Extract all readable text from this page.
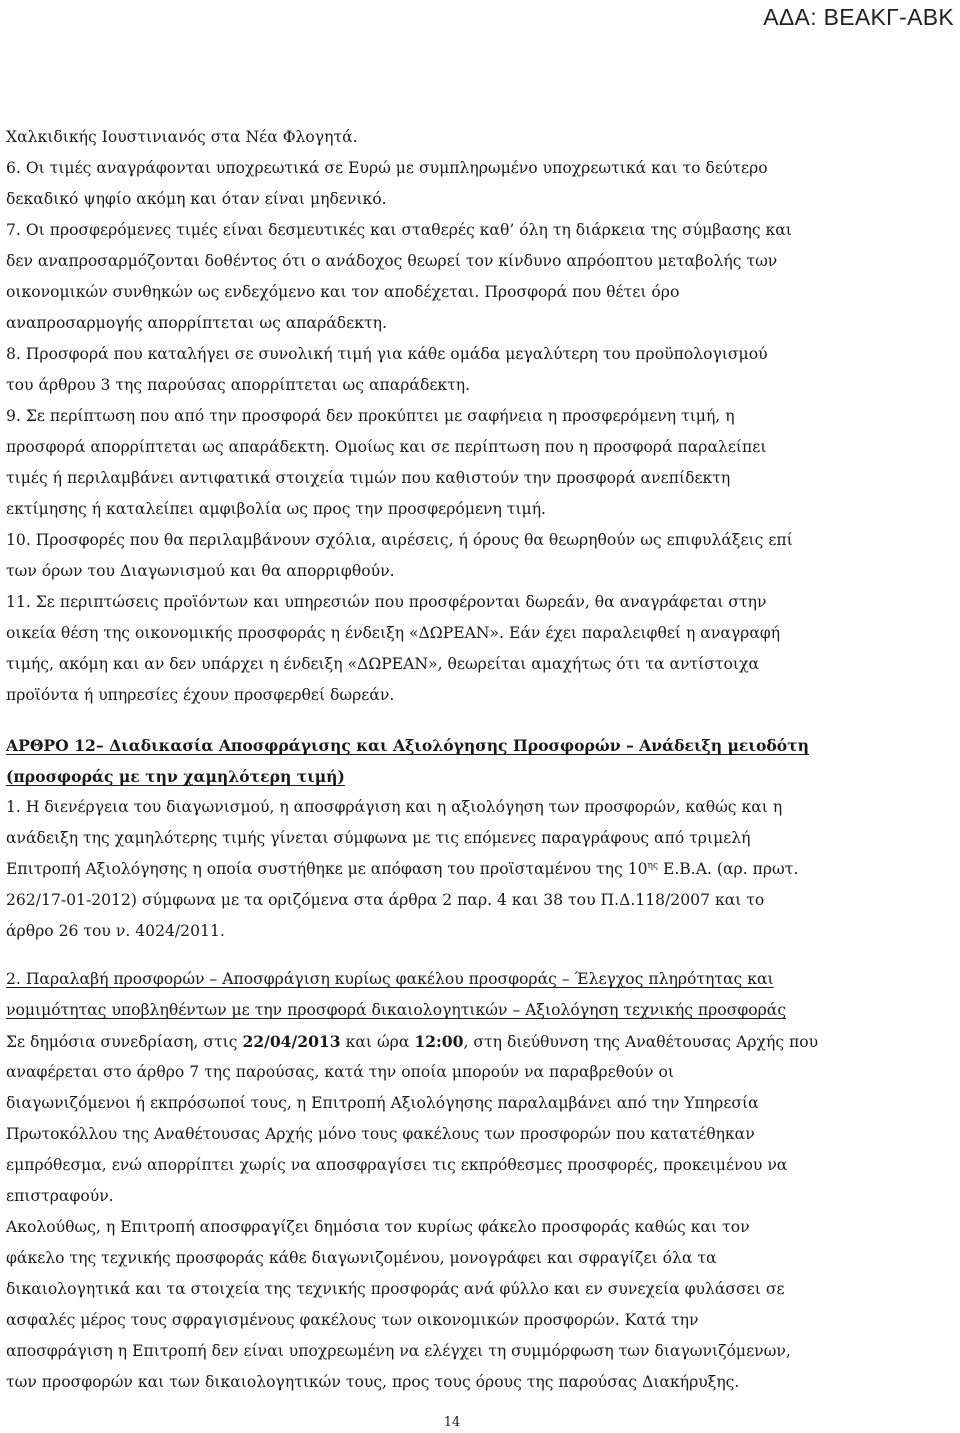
ΑΔΑ: ΒΕΑΚΓ-ΑΒΚ
Χαλκιδικής Ιουστινιανός στα Νέα Φλογητά.
6. Οι τιμές αναγράφονται υποχρεωτικά σε Ευρώ με συμπληρωμένο υποχρεωτικά και το δεύτερο
δεκαδικό ψηφίο ακόμη και όταν είναι μηδενικό.
7. Οι προσφερόμενες τιμές είναι δεσμευτικές και σταθερές καθ’ όλη τη διάρκεια της σύμβασης και
δεν αναπροσαρμόζονται δοθέντος ότι ο ανάδοχος θεωρεί τον κίνδυνο απρόοπτου μεταβολής των
οικονομικών συνθηκών ως ενδεχόμενο και τον αποδέχεται. Προσφορά που θέτει όρο
αναπροσαρμογής απορρίπτεται ως απαράδεκτη.
8. Προσφορά που καταλήγει σε συνολική τιμή για κάθε ομάδα μεγαλύτερη του προϋπολογισμού
του άρθρου 3 της παρούσας απορρίπτεται ως απαράδεκτη.
9. Σε περίπτωση που από την προσφορά δεν προκύπτει με σαφήνεια η προσφερόμενη τιμή, η
προσφορά απορρίπτεται ως απαράδεκτη. Ομοίως και σε περίπτωση που η προσφορά παραλείπει
τιμές ή περιλαμβάνει αντιφατικά στοιχεία τιμών που καθιστούν την προσφορά ανεπίδεκτη
εκτίμησης ή καταλείπει αμφιβολία ως προς την προσφερόμενη τιμή.
10. Προσφορές που θα περιλαμβάνουν σχόλια, αιρέσεις, ή όρους θα θεωρηθούν ως επιφυλάξεις επί
των όρων του Διαγωνισμού και θα απορριφθούν.
11. Σε περιπτώσεις προϊόντων και υπηρεσιών που προσφέρονται δωρεάν, θα αναγράφεται στην
οικεία θέση της οικονομικής προσφοράς η ένδειξη «ΔΩΡΕΑΝ». Εάν έχει παραλειφθεί η αναγραφή
τιμής, ακόμη και αν δεν υπάρχει η ένδειξη «ΔΩΡΕΑΝ», θεωρείται αμαχήτως ότι τα αντίστοιχα
προϊόντα ή υπηρεσίες έχουν προσφερθεί δωρεάν.
ΑΡΘΡΟ 12– Διαδικασία Αποσφράγισης και Αξιολόγησης Προσφορών – Ανάδειξη μειοδότη
(προσφοράς με την χαμηλότερη τιμή)
1. Η διενέργεια του διαγωνισμού, η αποσφράγιση και η αξιολόγηση των προσφορών, καθώς και η
ανάδειξη της χαμηλότερης τιμής γίνεται σύμφωνα με τις επόμενες παραγράφους από τριμελή
Επιτροπή Αξιολόγησης η οποία συστήθηκε με απόφαση του προϊσταμένου της $10^{\eta\varsigma}$ Ε.Β.Α. (αρ. πρωτ.
262/17-01-2012) σύμφωνα με τα οριζόμενα στα άρθρα 2 παρ. 4 και 38 του Π.Δ.118/2007 και το
άρθρο 26 του ν. 4024/2011.
2. Παραλαβή προσφορών – Αποσφράγιση κυρίως φακέλου προσφοράς – Έλεγχος πληρότητας και
νομιμότητας υποβληθέντων με την προσφορά δικαιολογητικών – Αξιολόγηση τεχνικής προσφοράς
Σε δημόσια συνεδρίαση, στις 22/04/2013 και ώρα 12:00, στη διεύθυνση της Αναθέτουσας Αρχής που
αναφέρεται στο άρθρο 7 της παρούσας, κατά την οποία μπορούν να παραβρεθούν οι
διαγωνιζόμενοι ή εκπρόσωποί τους, η Επιτροπή Αξιολόγησης παραλαμβάνει από την Υπηρεσία
Πρωτοκόλλου της Αναθέτουσας Αρχής μόνο τους φακέλους των προσφορών που κατατέθηκαν
εμπρόθεσμα, ενώ απορρίπτει χωρίς να αποσφραγίσει τις εκπρόθεσμες προσφορές, προκειμένου να
επιστραφούν.
Ακολούθως, η Επιτροπή αποσφραγίζει δημόσια τον κυρίως φάκελο προσφοράς καθώς και τον
φάκελο της τεχνικής προσφοράς κάθε διαγωνιζομένου, μονογράφει και σφραγίζει όλα τα
δικαιολογητικά και τα στοιχεία της τεχνικής προσφοράς ανά φύλλο και εν συνεχεία φυλάσσει σε
ασφαλές μέρος τους σφραγισμένους φακέλους των οικονομικών προσφορών. Κατά την
αποσφράγιση η Επιτροπή δεν είναι υποχρεωμένη να ελέγχει τη συμμόρφωση των διαγωνιζόμενων,
των προσφορών και των δικαιολογητικών τους, προς τους όρους της παρούσας Διακήρυξης.
14
